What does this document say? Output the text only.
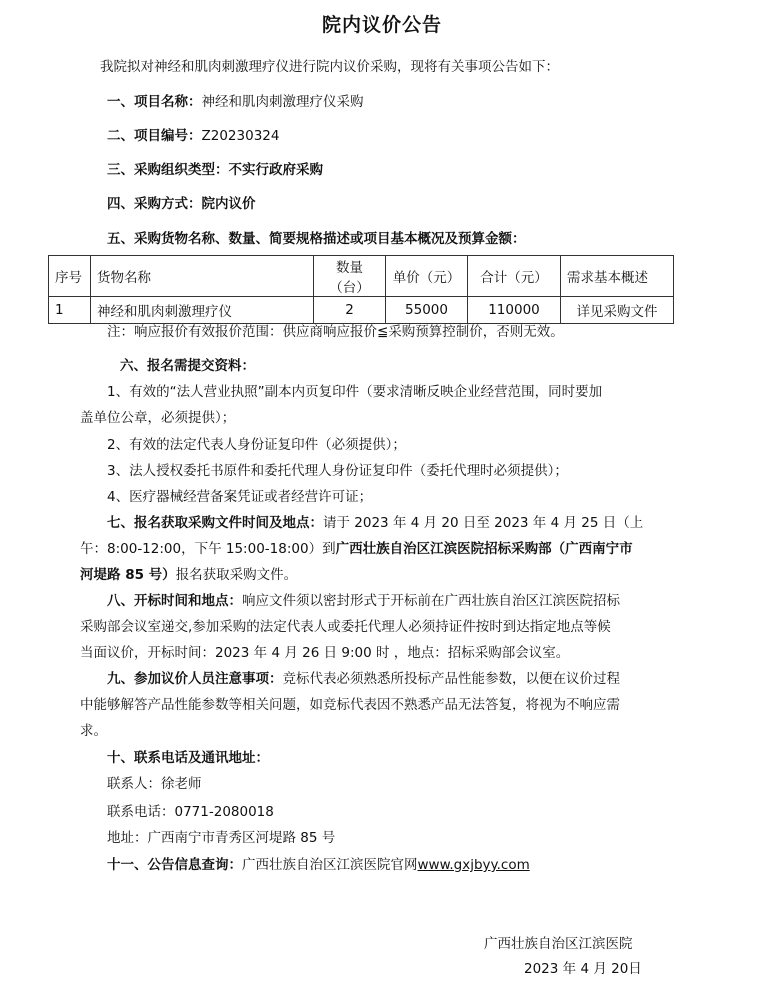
院内议价公告
我院拟对神经和肌肉刺激理疗仪进行院内议价采购，现将有关事项公告如下：
一、项目名称：神经和肌肉刺激理疗仪采购
二、项目编号：Z20230324
三、采购组织类型：不实行政府采购
四、采购方式：院内议价
五、采购货物名称、数量、简要规格描述或项目基本概况及预算金额：
序号	货物名称	数量（台）	单价（元）	合计（元）	需求基本概述
1	神经和肌肉刺激理疗仪	2	55000	110000	详见采购文件
注：响应报价有效报价范围：供应商响应报价≦采购预算控制价，否则无效。
六、报名需提交资料：
1、有效的“法人营业执照”副本内页复印件（要求清晰反映企业经营范围，同时要加
盖单位公章，必须提供）；
2、有效的法定代表人身份证复印件（必须提供）；
3、法人授权委托书原件和委托代理人身份证复印件（委托代理时必须提供）；
4、医疗器械经营备案凭证或者经营许可证；
七、报名获取采购文件时间及地点：请于 2023 年 4 月 20 日至 2023 年 4 月 25 日（上
午：8:00-12:00，下午 15:00-18:00）到广西壮族自治区江滨医院招标采购部（广西南宁市
河堤路 85 号）报名获取采购文件。
八、开标时间和地点：响应文件须以密封形式于开标前在广西壮族自治区江滨医院招标
采购部会议室递交,参加采购的法定代表人或委托代理人必须持证件按时到达指定地点等候
当面议价，开标时间：2023 年 4 月 26 日 9:00 时 ，地点：招标采购部会议室。
九、参加议价人员注意事项：竞标代表必须熟悉所投标产品性能参数，以便在议价过程
中能够解答产品性能参数等相关问题，如竞标代表因不熟悉产品无法答复，将视为不响应需
求。
十、联系电话及通讯地址：
联系人：徐老师
联系电话：0771-2080018
地址：广西南宁市青秀区河堤路 85 号
十一、公告信息查询：广西壮族自治区江滨医院官网www.gxjbyy.com
广西壮族自治区江滨医院
2023 年 4 月 20日
